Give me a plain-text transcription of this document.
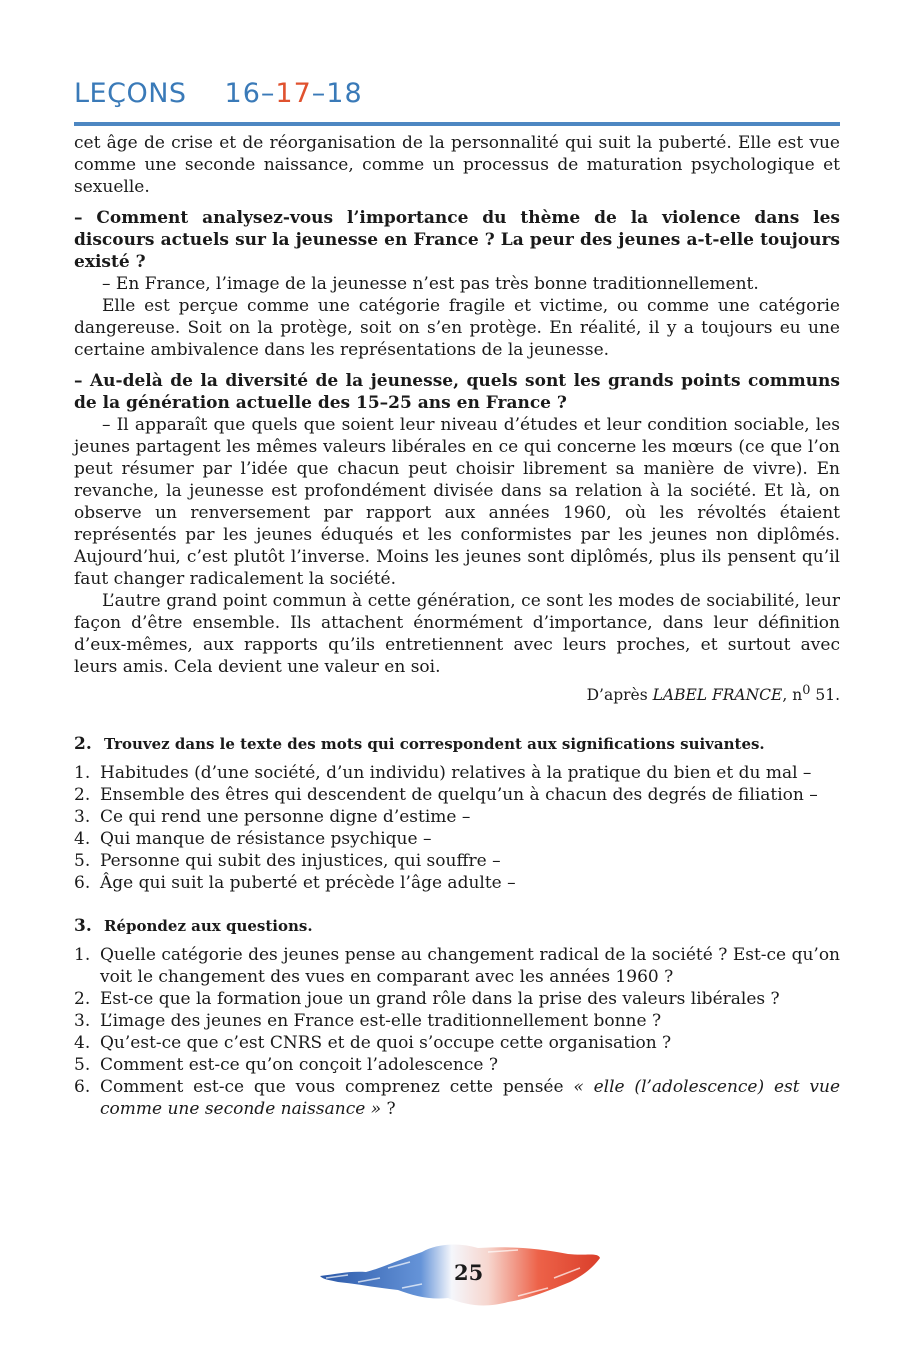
LEÇONS 16–17–18

cet âge de crise et de réorganisation de la personnalité qui suit la puberté. Elle est vue comme une seconde naissance, comme un processus de maturation psychologique et sexuelle.

– Comment analysez-vous l’importance du thème de la violence dans les discours actuels sur la jeunesse en France ? La peur des jeunes a-t-elle toujours existé ?

– En France, l’image de la jeunesse n’est pas très bonne traditionnellement.

Elle est perçue comme une catégorie fragile et victime, ou comme une catégorie dangereuse. Soit on la protège, soit on s’en protège. En réalité, il y a toujours eu une certaine ambivalence dans les représentations de la jeunesse.

– Au-delà de la diversité de la jeunesse, quels sont les grands points communs de la génération actuelle des 15–25 ans en France ?

– Il apparaît que quels que soient leur niveau d’études et leur condition sociable, les jeunes partagent les mêmes valeurs libérales en ce qui concerne les mœurs (ce que l’on peut résumer par l’idée que chacun peut choisir librement sa manière de vivre). En revanche, la jeunesse est profondément divisée dans sa relation à la société. Et là, on observe un renversement par rapport aux années 1960, où les révoltés étaient représentés par les jeunes éduqués et les conformistes par les jeunes non diplômés. Aujourd’hui, c’est plutôt l’inverse. Moins les jeunes sont diplômés, plus ils pensent qu’il faut changer radicalement la société.

L’autre grand point commun à cette génération, ce sont les modes de sociabilité, leur façon d’être ensemble. Ils attachent énormément d’importance, dans leur définition d’eux-mêmes, aux rapports qu’ils entretiennent avec leurs proches, et surtout avec leurs amis. Cela devient une valeur en soi.

D’après LABEL FRANCE, $n^0$ 51.

2. Trouvez dans le texte des mots qui correspondent aux significations suivantes.
1. Habitudes (d’une société, d’un individu) relatives à la pratique du bien et du mal –
2. Ensemble des êtres qui descendent de quelqu’un à chacun des degrés de filiation –
3. Ce qui rend une personne digne d’estime –
4. Qui manque de résistance psychique –
5. Personne qui subit des injustices, qui souffre –
6. Âge qui suit la puberté et précède l’âge adulte –
3. Répondez aux questions.
1. Quelle catégorie des jeunes pense au changement radical de la société ? Est-ce qu’on voit le changement des vues en comparant avec les années 1960 ?
2. Est-ce que la formation joue un grand rôle dans la prise des valeurs libérales ?
3. L’image des jeunes en France est-elle traditionnellement bonne ?
4. Qu’est-ce que c’est CNRS et de quoi s’occupe cette organisation ?
5. Comment est-ce qu’on conçoit l’adolescence ?
6. Comment est-ce que vous comprenez cette pensée « elle (l’adolescence) est vue comme une seconde naissance » ?
25
